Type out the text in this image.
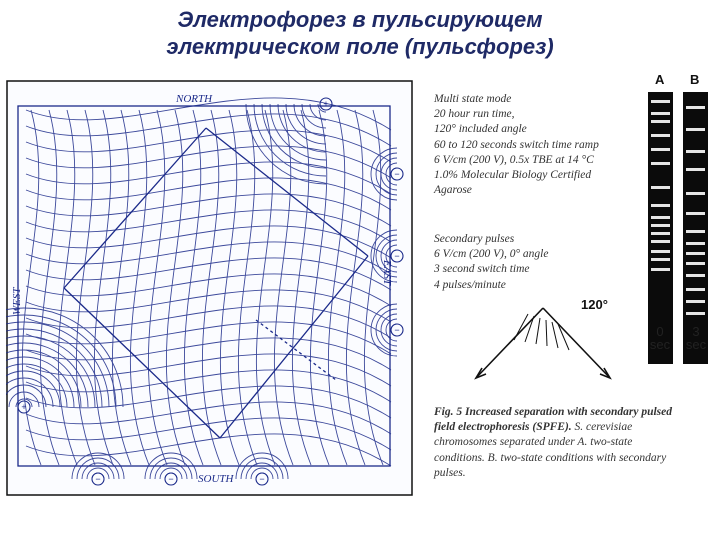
Электрофорез в пульсирующем
электрическом поле (пульсфорез)
NORTH
SOUTH
WEST
EAST
+
+
−
−
−
−	−	−
Multi state mode
20 hour run time,
120° included angle
60 to 120 seconds switch time ramp
6 V/cm (200 V), 0.5x TBE at 14 °C
1.0% Molecular Biology Certified
Agarose
Secondary pulses
6 V/cm (200 V), 0° angle
3 second switch time
4 pulses/minute
120°
A B
0
sec
3
sec
Fig. 5 Increased separation with secondary pulsed field electrophoresis (SPFE). S. cerevisiae chromosomes separated under A. two-state conditions. B. two-state conditions with secondary pulses.
